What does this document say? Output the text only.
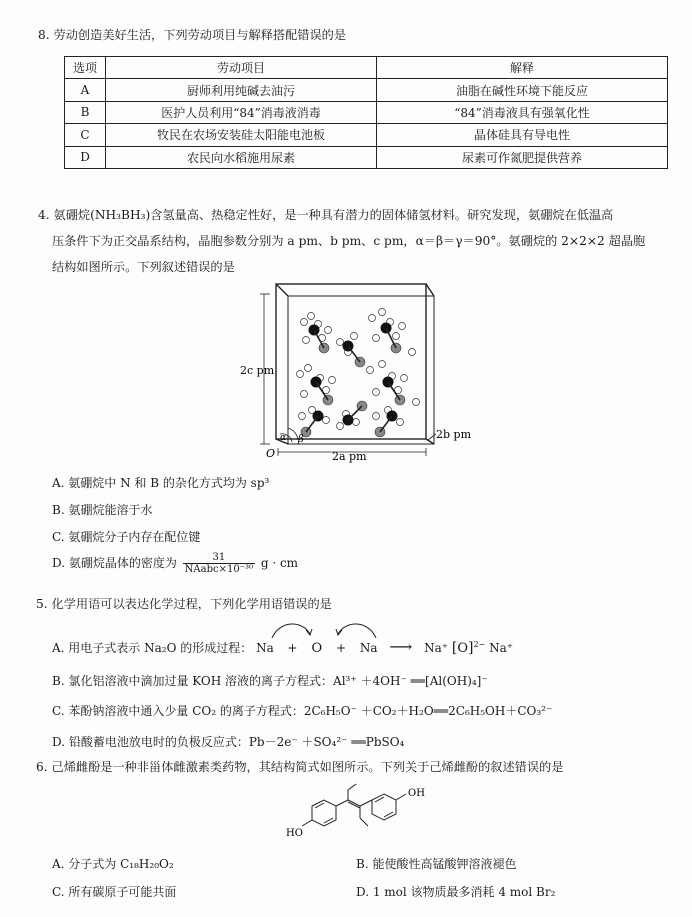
8. 劳动创造美好生活，下列劳动项目与解释搭配错误的是
选项	劳动项目	解释
A	厨师利用纯碱去油污	油脂在碱性环境下能反应
B	医护人员利用“84”消毒液消毒	“84”消毒液具有强氧化性
C	牧民在农场安装硅太阳能电池板	晶体硅具有导电性
D	农民向水稻施用尿素	尿素可作氮肥提供营养
4. 氨硼烷(NH₃BH₃)含氢量高、热稳定性好，是一种具有潜力的固体储氢材料。研究发现，氨硼烷在低温高
压条件下为正交晶系结构，晶胞参数分别为 a pm、b pm、c pm，α＝β＝γ＝90°。氨硼烷的 2×2×2 超晶胞
结构如图所示。下列叙述错误的是
2c pm
2a pm
2b pm
O
α β
A. 氨硼烷中 N 和 B 的杂化方式均为 sp³
B. 氨硼烷能溶于水
C. 氨硼烷分子内存在配位键
D. 氨硼烷晶体的密度为 $\frac{31}{\text{NAabc×10⁻³⁰}}$ g · cm
5. 化学用语可以表达化学过程，下列化学用语错误的是
A. 用电子式表示 Na₂O 的形成过程： Na + O + Na ⟶ Na⁺ $[O]^{2-}$ Na⁺
B. 氯化铝溶液中滴加过量 KOH 溶液的离子方程式：Al³⁺ ＋4OH⁻ ══[Al(OH)₄]⁻
C. 苯酚钠溶液中通入少量 CO₂ 的离子方程式：2C₆H₅O⁻ ＋CO₂＋H₂O══2C₆H₅OH＋CO₃²⁻
D. 铅酸蓄电池放电时的负极反应式：Pb－2e⁻ ＋SO₄²⁻ ══PbSO₄
6. 己烯雌酚是一种非甾体雌激素类药物，其结构简式如图所示。下列关于己烯雌酚的叙述错误的是
OH
HO
A. 分子式为 C₁₈H₂₀O₂	B. 能使酸性高锰酸钾溶液褪色
C. 所有碳原子可能共面	D. 1 mol 该物质最多消耗 4 mol Br₂
